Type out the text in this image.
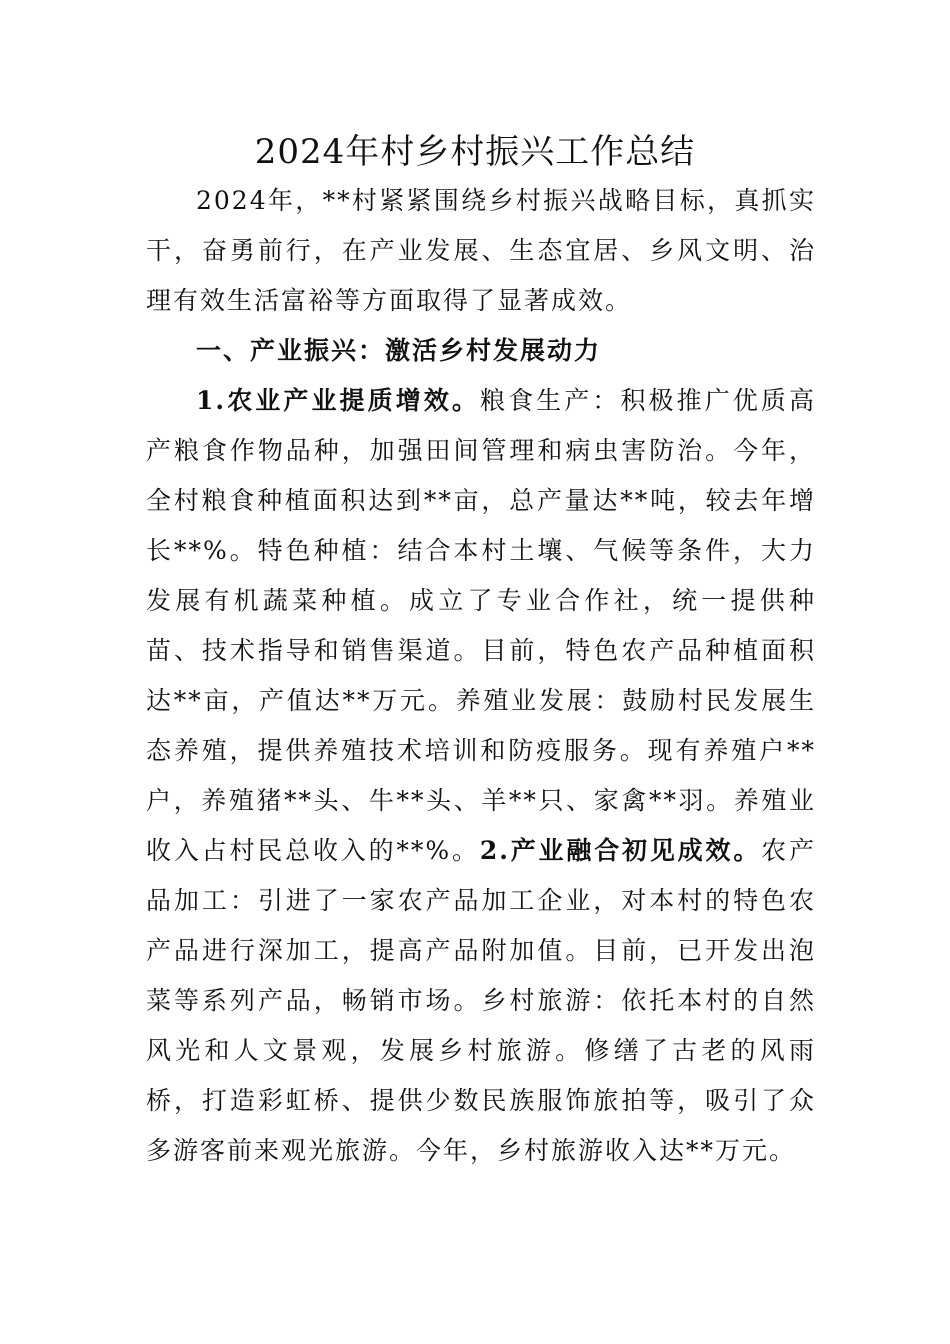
2024年村乡村振兴工作总结

2024年，**村紧紧围绕乡村振兴战略目标，真抓实干，奋勇前行，在产业发展、生态宜居、乡风文明、治理有效生活富裕等方面取得了显著成效。

一、产业振兴：激活乡村发展动力

1.农业产业提质增效。粮食生产：积极推广优质高产粮食作物品种，加强田间管理和病虫害防治。今年，全村粮食种植面积达到**亩，总产量达**吨，较去年增长**%。特色种植：结合本村土壤、气候等条件，大力发展有机蔬菜种植。成立了专业合作社，统一提供种苗、技术指导和销售渠道。目前，特色农产品种植面积达**亩，产值达**万元。养殖业发展：鼓励村民发展生态养殖，提供养殖技术培训和防疫服务。现有养殖户**户，养殖猪**头、牛**头、羊**只、家禽**羽。养殖业收入占村民总收入的**%。2.产业融合初见成效。农产品加工：引进了一家农产品加工企业，对本村的特色农产品进行深加工，提高产品附加值。目前，已开发出泡菜等系列产品，畅销市场。乡村旅游：依托本村的自然风光和人文景观，发展乡村旅游。修缮了古老的风雨桥，打造彩虹桥、提供少数民族服饰旅拍等，吸引了众多游客前来观光旅游。今年，乡村旅游收入达**万元。
